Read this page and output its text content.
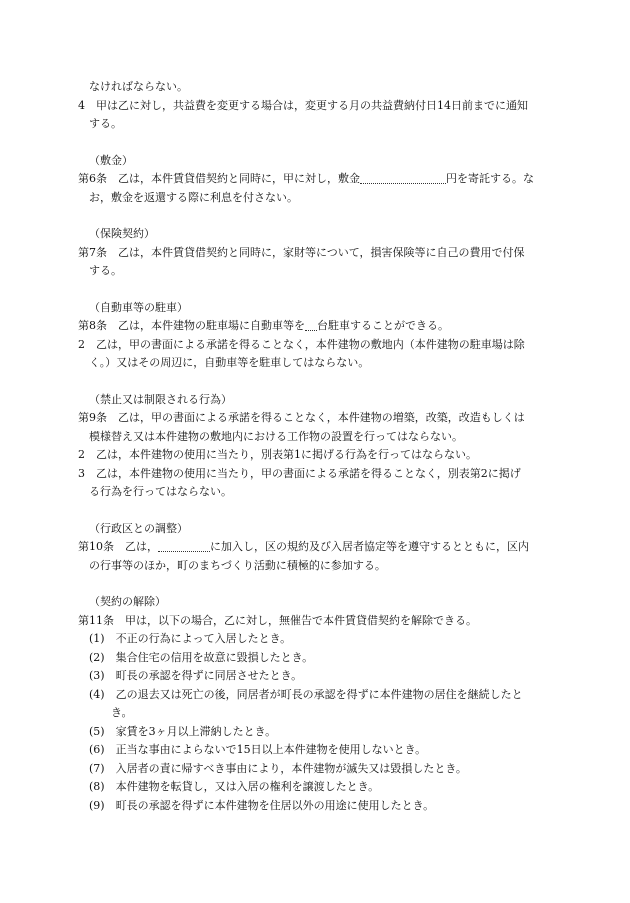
なければならない。
4　甲は乙に対し，共益費を変更する場合は，変更する月の共益費納付日14日前までに通知
する。
（敷金）
第6条　乙は，本件賃貸借契約と同時に，甲に対し，敷金	円を寄託する。な
お，敷金を返還する際に利息を付さない。
（保険契約）
第7条　乙は，本件賃貸借契約と同時に，家財等について，損害保険等に自己の費用で付保
する。
（自動車等の駐車）
第8条　乙は，本件建物の駐車場に自動車等を 台駐車することができる。
2　乙は，甲の書面による承諾を得ることなく，本件建物の敷地内（本件建物の駐車場は除
く。）又はその周辺に，自動車等を駐車してはならない。
（禁止又は制限される行為）
第9条　乙は，甲の書面による承諾を得ることなく，本件建物の増築，改築，改造もしくは
模様替え又は本件建物の敷地内における工作物の設置を行ってはならない。
2　乙は，本件建物の使用に当たり，別表第1に掲げる行為を行ってはならない。
3　乙は，本件建物の使用に当たり，甲の書面による承諾を得ることなく，別表第2に掲げ
る行為を行ってはならない。
（行政区との調整）
第10条　乙は，	に加入し，区の規約及び入居者協定等を遵守するとともに，区内
の行事等のほか，町のまちづくり活動に積極的に参加する。
（契約の解除）
第11条　甲は，以下の場合，乙に対し，無催告で本件賃貸借契約を解除できる。
(1)　不正の行為によって入居したとき。
(2)　集合住宅の信用を故意に毀損したとき。
(3)　町長の承認を得ずに同居させたとき。
(4)　乙の退去又は死亡の後，同居者が町長の承認を得ずに本件建物の居住を継続したと
き。
(5)　家賃を3ヶ月以上滞納したとき。
(6)　正当な事由によらないで15日以上本件建物を使用しないとき。
(7)　入居者の責に帰すべき事由により，本件建物が滅失又は毀損したとき。
(8)　本件建物を転貸し，又は入居の権利を譲渡したとき。
(9)　町長の承認を得ずに本件建物を住居以外の用途に使用したとき。
